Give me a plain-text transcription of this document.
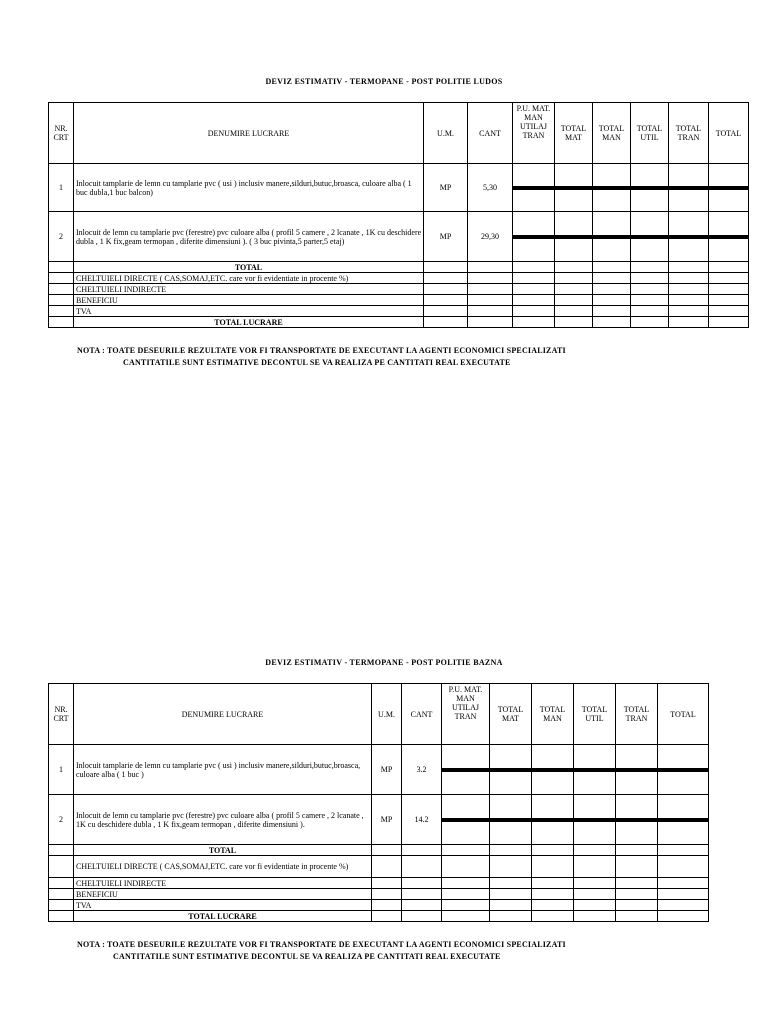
DEVIZ ESTIMATIV - TERMOPANE - POST POLITIE LUDOS
NR. CRT	DENUMIRE LUCRARE	U.M.	CANT	P.U. MAT. MAN UTILAJ TRAN	TOTAL MAT	TOTAL MAN	TOTAL UTIL	TOTAL TRAN	TOTAL
1	Inlocuit tamplarie de lemn cu tamplarie pvc ( usi ) inclusiv manere,silduri,butuc,broasca, culoare alba ( 1 buc dubla,1 buc balcon)	MP	5,30	

2	Inlocuit de lemn cu tamplarie pvc (ferestre) pvc culoare alba ( profil 5 camere , 2 lcanate , 1K cu deschidere dubla , 1 K fix,geam termopan , diferite dimensiuni ). ( 3 buc pivinta,5 parter,5 etaj)	MP	29,30	

	TOTAL								
	CHELTUIELI DIRECTE ( CAS,SOMAJ,ETC. care vor fi evidentiate in procente %)								
	CHELTUIELI INDIRECTE								
	BENEFICIU								
	TVA								
	TOTAL LUCRARE								
NOTA : TOATE DESEURILE REZULTATE VOR FI TRANSPORTATE DE EXECUTANT LA AGENTI ECONOMICI SPECIALIZATI
CANTITATILE SUNT ESTIMATIVE DECONTUL SE VA REALIZA PE CANTITATI REAL EXECUTATE
DEVIZ ESTIMATIV - TERMOPANE - POST POLITIE BAZNA
NR. CRT	DENUMIRE LUCRARE	U.M.	CANT	P.U. MAT. MAN UTILAJ TRAN	TOTAL MAT	TOTAL MAN	TOTAL UTIL	TOTAL TRAN	TOTAL
1	Inlocuit tamplarie de lemn cu tamplarie pvc ( usi ) inclusiv manere,silduri,butuc,broasca, culoare alba ( 1 buc )	MP	3.2	

2	Inlocuit de lemn cu tamplarie pvc (ferestre) pvc culoare alba ( profil 5 camere , 2 lcanate , 1K cu deschidere dubla , 1 K fix,geam termopan , diferite dimensiuni ).	MP	14.2	

	TOTAL								
	CHELTUIELI DIRECTE ( CAS,SOMAJ,ETC. care vor fi evidentiate in procente %)								
	CHELTUIELI INDIRECTE								
	BENEFICIU								
	TVA								
	TOTAL LUCRARE								
NOTA : TOATE DESEURILE REZULTATE VOR FI TRANSPORTATE DE EXECUTANT LA AGENTI ECONOMICI SPECIALIZATI
CANTITATILE SUNT ESTIMATIVE DECONTUL SE VA REALIZA PE CANTITATI REAL EXECUTATE
